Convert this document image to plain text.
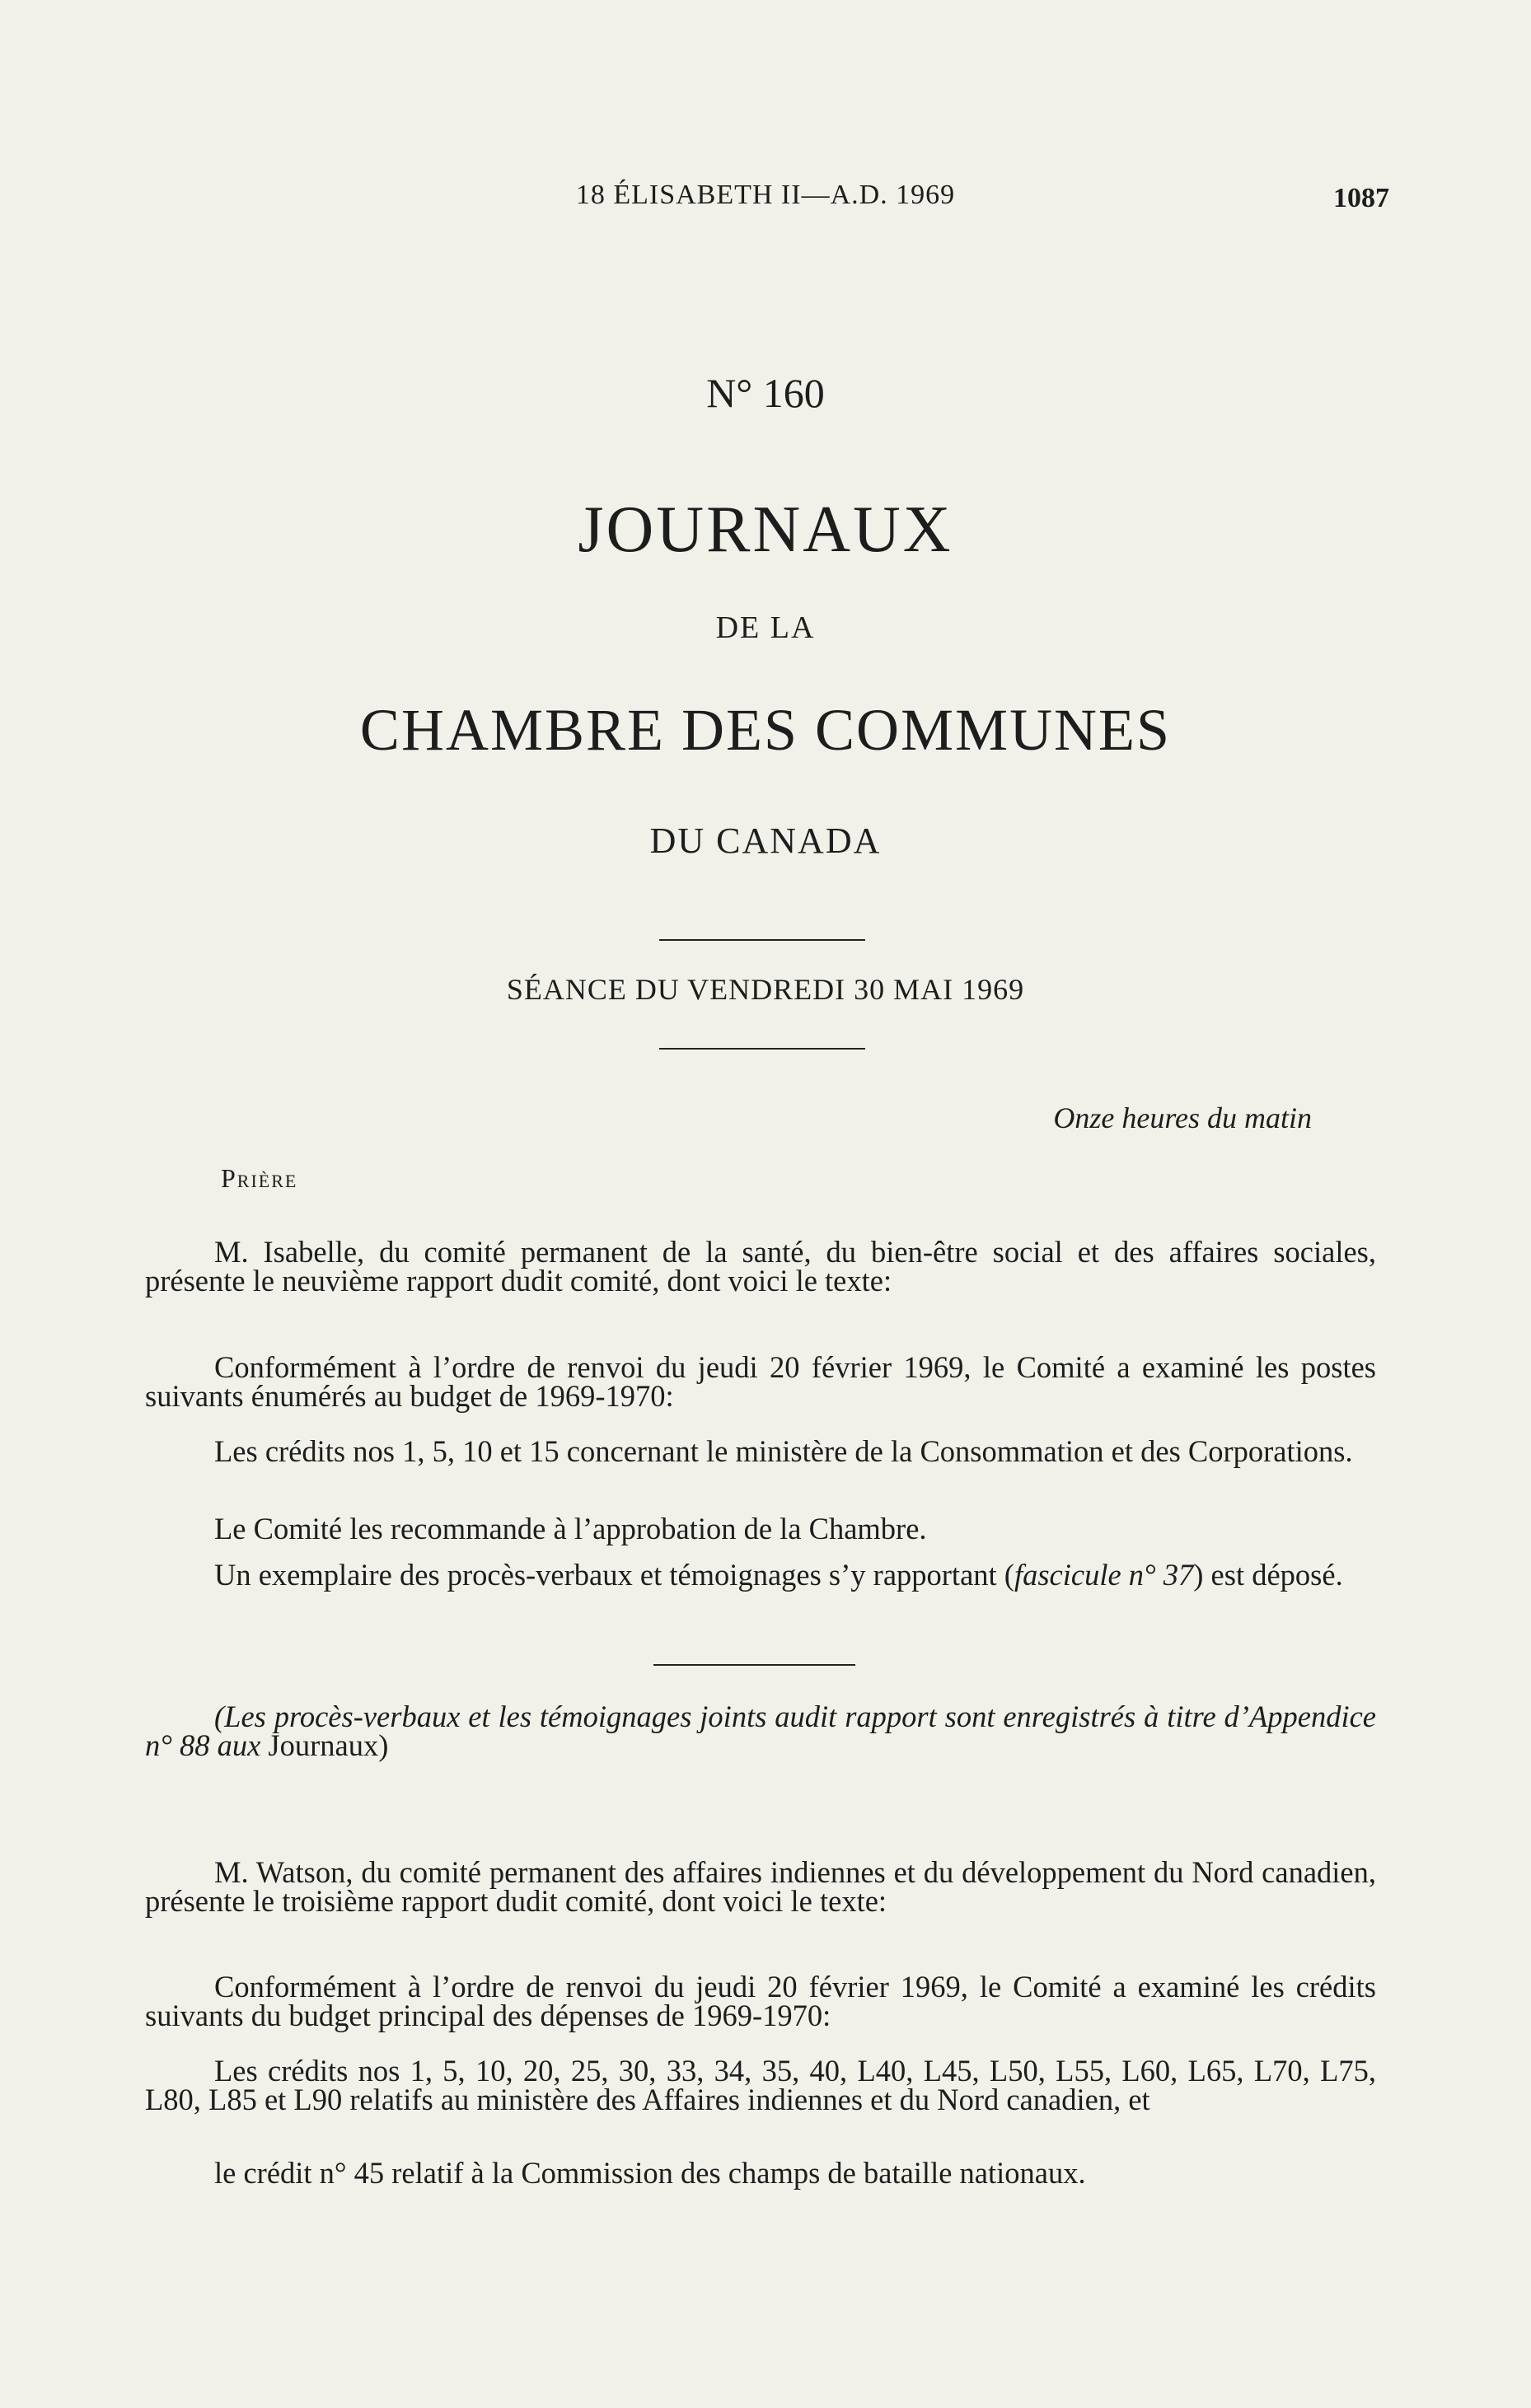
18 ÉLISABETH II—A.D. 1969	1087
N° 160
JOURNAUX
DE LA
CHAMBRE DES COMMUNES
DU CANADA
SÉANCE DU VENDREDI 30 MAI 1969
Onze heures du matin
Prière

M. Isabelle, du comité permanent de la santé, du bien-être social et des affaires sociales, présente le neuvième rapport dudit comité, dont voici le texte:

Conformément à l’ordre de renvoi du jeudi 20 février 1969, le Comité a examiné les postes suivants énumérés au budget de 1969-1970:

Les crédits nos 1, 5, 10 et 15 concernant le ministère de la Consommation et des Corporations.

Le Comité les recommande à l’approbation de la Chambre.

Un exemplaire des procès-verbaux et témoignages s’y rapportant (fascicule n° 37) est déposé.

(Les procès-verbaux et les témoignages joints audit rapport sont enregistrés à titre d’Appendice n° 88 aux Journaux)

M. Watson, du comité permanent des affaires indiennes et du développement du Nord canadien, présente le troisième rapport dudit comité, dont voici le texte:

Conformément à l’ordre de renvoi du jeudi 20 février 1969, le Comité a examiné les crédits suivants du budget principal des dépenses de 1969-1970:

Les crédits nos 1, 5, 10, 20, 25, 30, 33, 34, 35, 40, L40, L45, L50, L55, L60, L65, L70, L75, L80, L85 et L90 relatifs au ministère des Affaires indiennes et du Nord canadien, et

le crédit n° 45 relatif à la Commission des champs de bataille nationaux.
